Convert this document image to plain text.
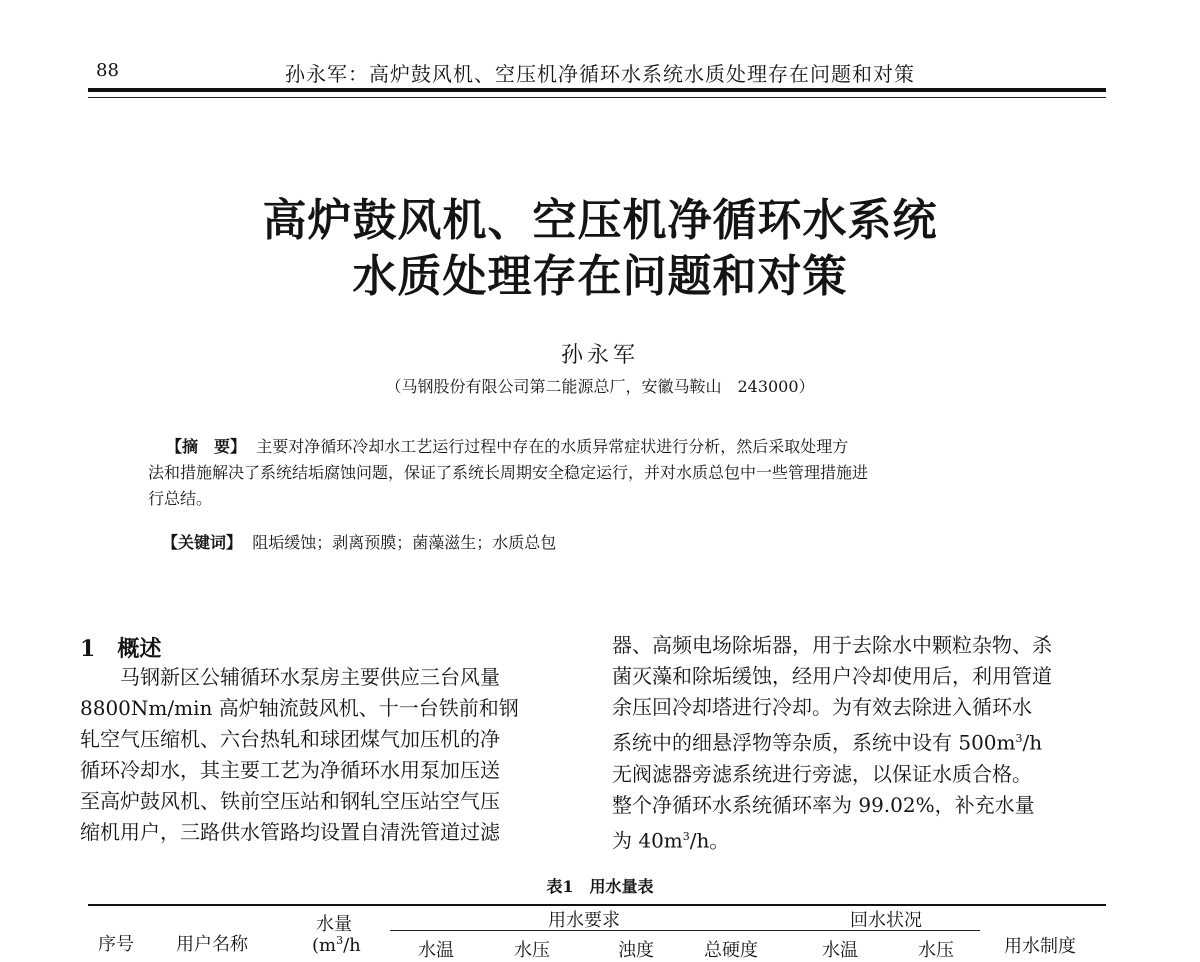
88	孙永军：高炉鼓风机、空压机净循环水系统水质处理存在问题和对策
高炉鼓风机、空压机净循环水系统
水质处理存在问题和对策
孙永军
（马钢股份有限公司第二能源总厂，安徽马鞍山　243000）
【摘　要】 主要对净循环冷却水工艺运行过程中存在的水质异常症状进行分析，然后采取处理方
法和措施解决了系统结垢腐蚀问题，保证了系统长周期安全稳定运行，并对水质总包中一些管理措施进
行总结。
【关键词】 阻垢缓蚀；剥离预膜；菌藻滋生；水质总包
1 概述
马钢新区公辅循环水泵房主要供应三台风量
8800Nm/min 高炉轴流鼓风机、十一台铁前和钢
轧空气压缩机、六台热轧和球团煤气加压机的净
循环冷却水，其主要工艺为净循环水用泵加压送
至高炉鼓风机、铁前空压站和钢轧空压站空气压
缩机用户，三路供水管路均设置自清洗管道过滤
器、高频电场除垢器，用于去除水中颗粒杂物、杀
菌灭藻和除垢缓蚀，经用户冷却使用后，利用管道
余压回冷却塔进行冷却。为有效去除进入循环水
系统中的细悬浮物等杂质，系统中设有 $500m^3/h$
无阀滤器旁滤系统进行旁滤，以保证水质合格。
整个净循环水系统循环率为 99.02%，补充水量
为 $40m^3/h$。
表1　用水量表
序号 用户名称
水量
($m^3/h$
用水要求	回水状况
水温	水压	浊度	总硬度	水温	水压	用水制度
